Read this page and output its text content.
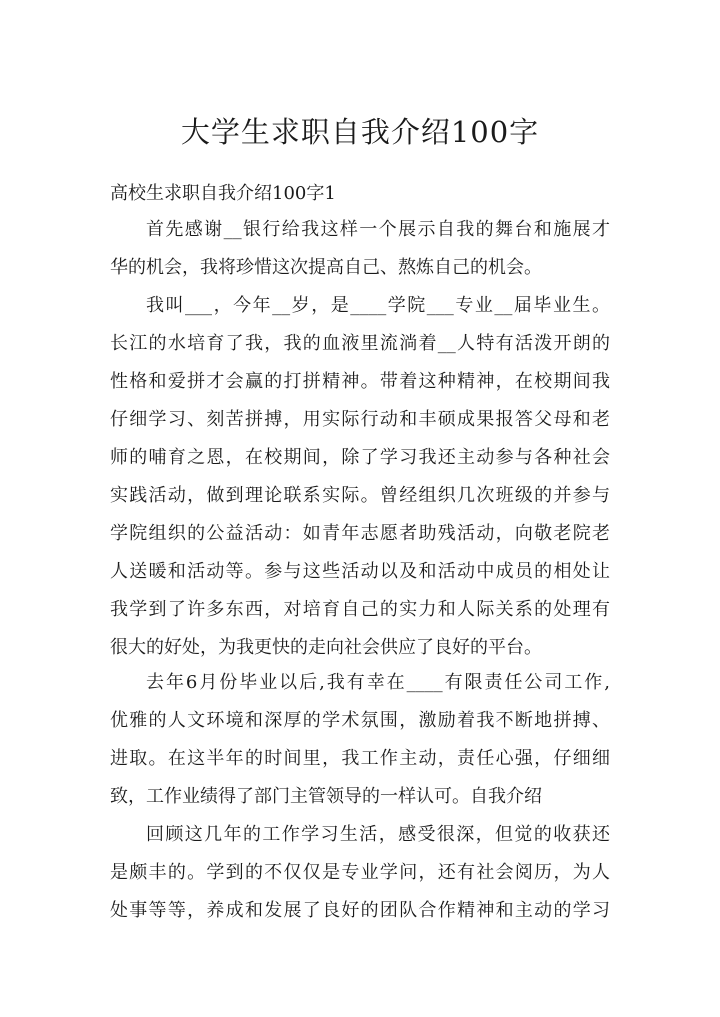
大学生求职自我介绍100字
高校生求职自我介绍100字1
首先感谢__银行给我这样一个展示自我的舞台和施展才
华的机会，我将珍惜这次提高自己、熬炼自己的机会。
我叫___，今年__岁，是____学院___专业__届毕业生。
长江的水培育了我，我的血液里流淌着__人特有活泼开朗的
性格和爱拼才会赢的打拼精神。带着这种精神，在校期间我
仔细学习、刻苦拼搏，用实际行动和丰硕成果报答父母和老
师的哺育之恩，在校期间，除了学习我还主动参与各种社会
实践活动，做到理论联系实际。曾经组织几次班级的并参与
学院组织的公益活动：如青年志愿者助残活动，向敬老院老
人送暖和活动等。参与这些活动以及和活动中成员的相处让
我学到了许多东西，对培育自己的实力和人际关系的处理有
很大的好处，为我更快的走向社会供应了良好的平台。
去年6月份毕业以后,我有幸在____有限责任公司工作,
优雅的人文环境和深厚的学术氛围，激励着我不断地拼搏、
进取。在这半年的时间里，我工作主动，责任心强，仔细细
致，工作业绩得了部门主管领导的一样认可。自我介绍
回顾这几年的工作学习生活，感受很深，但觉的收获还
是颇丰的。学到的不仅仅是专业学问，还有社会阅历，为人
处事等等，养成和发展了良好的团队合作精神和主动的学习
